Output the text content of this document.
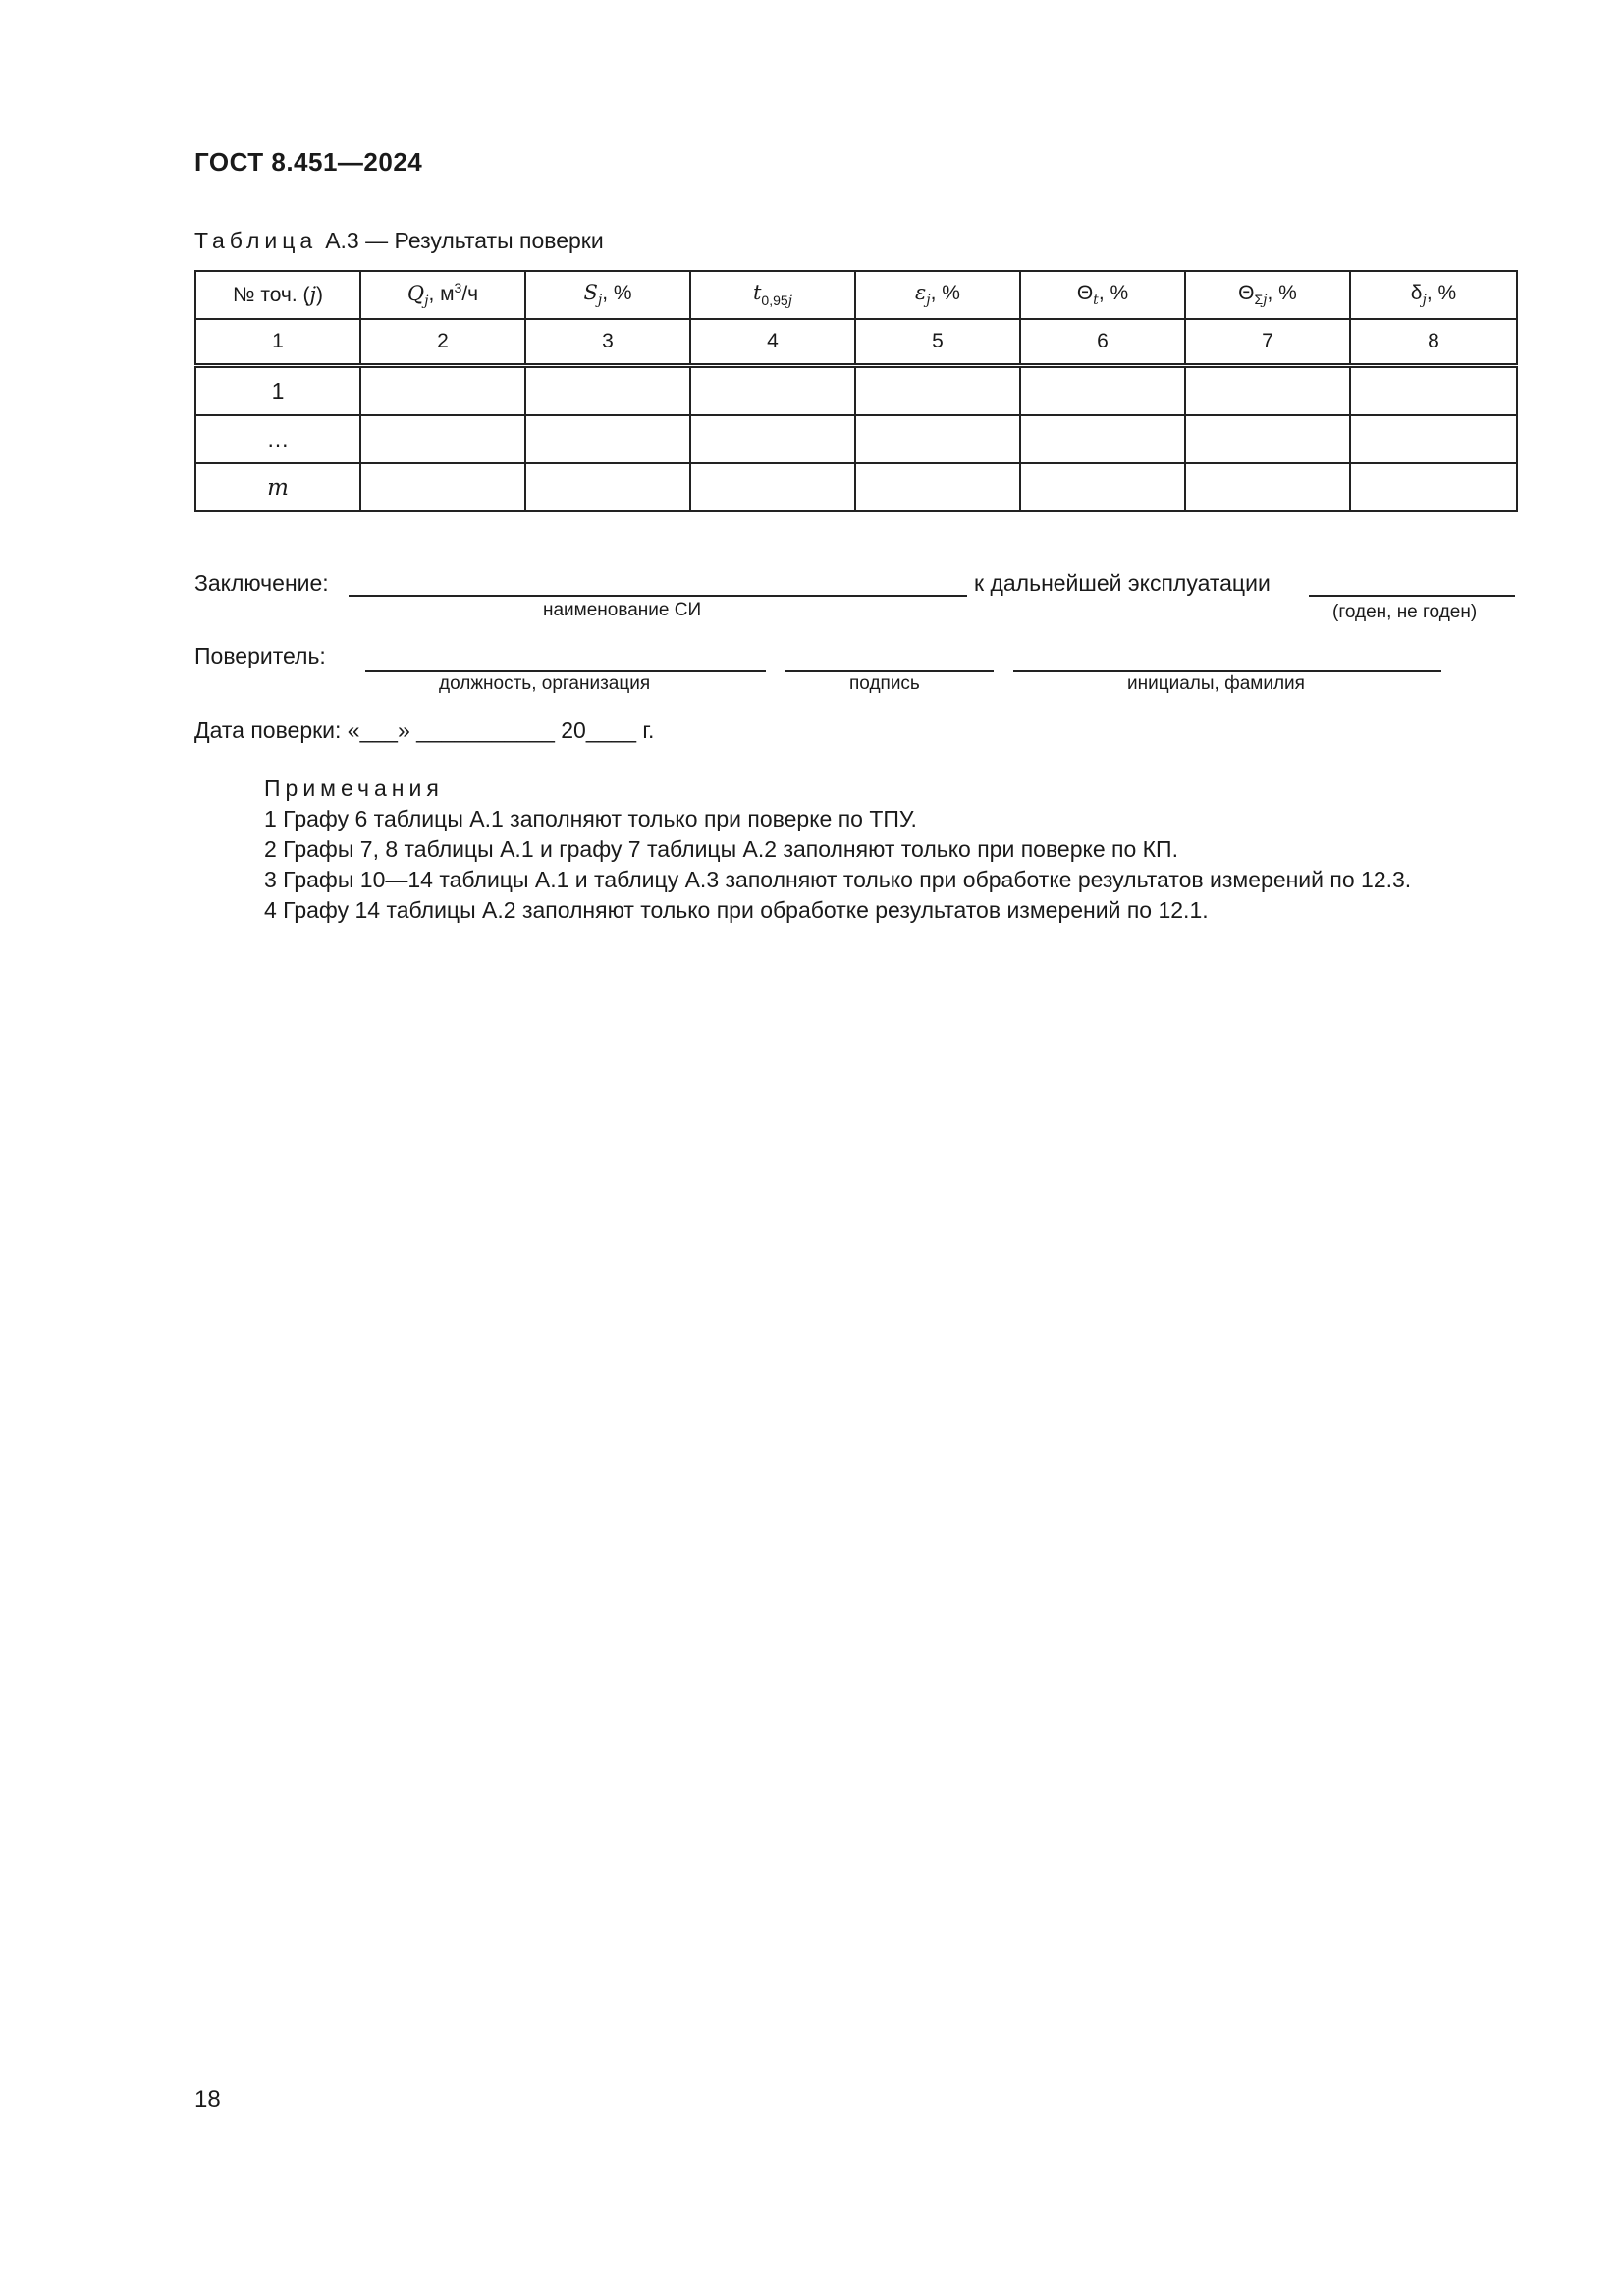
ГОСТ 8.451—2024
Таблица А.3 — Результаты поверки
№ точ. (j)	$Q_j$, $м^3/ч$	$S_j$, %	$t_{0,95j}$	$\varepsilon_j$, %	$\Theta_t$, %	$\Theta_{\Sigma j}$, %	$\delta_j$, %
1	2	3	4	5	6	7	8
1							
…							
m							
Заключение:	к дальнейшей эксплуатации
наименование СИ	(годен, не годен)
Поверитель:
должность, организация	подпись	инициалы, фамилия
Дата поверки: «___» ___________ 20____ г.
Примечания
1 Графу 6 таблицы А.1 заполняют только при поверке по ТПУ.
2 Графы 7, 8 таблицы А.1 и графу 7 таблицы А.2 заполняют только при поверке по КП.
3 Графы 10—14 таблицы А.1 и таблицу А.3 заполняют только при обработке результатов измерений по 12.3.
4 Графу 14 таблицы А.2 заполняют только при обработке результатов измерений по 12.1.
18
